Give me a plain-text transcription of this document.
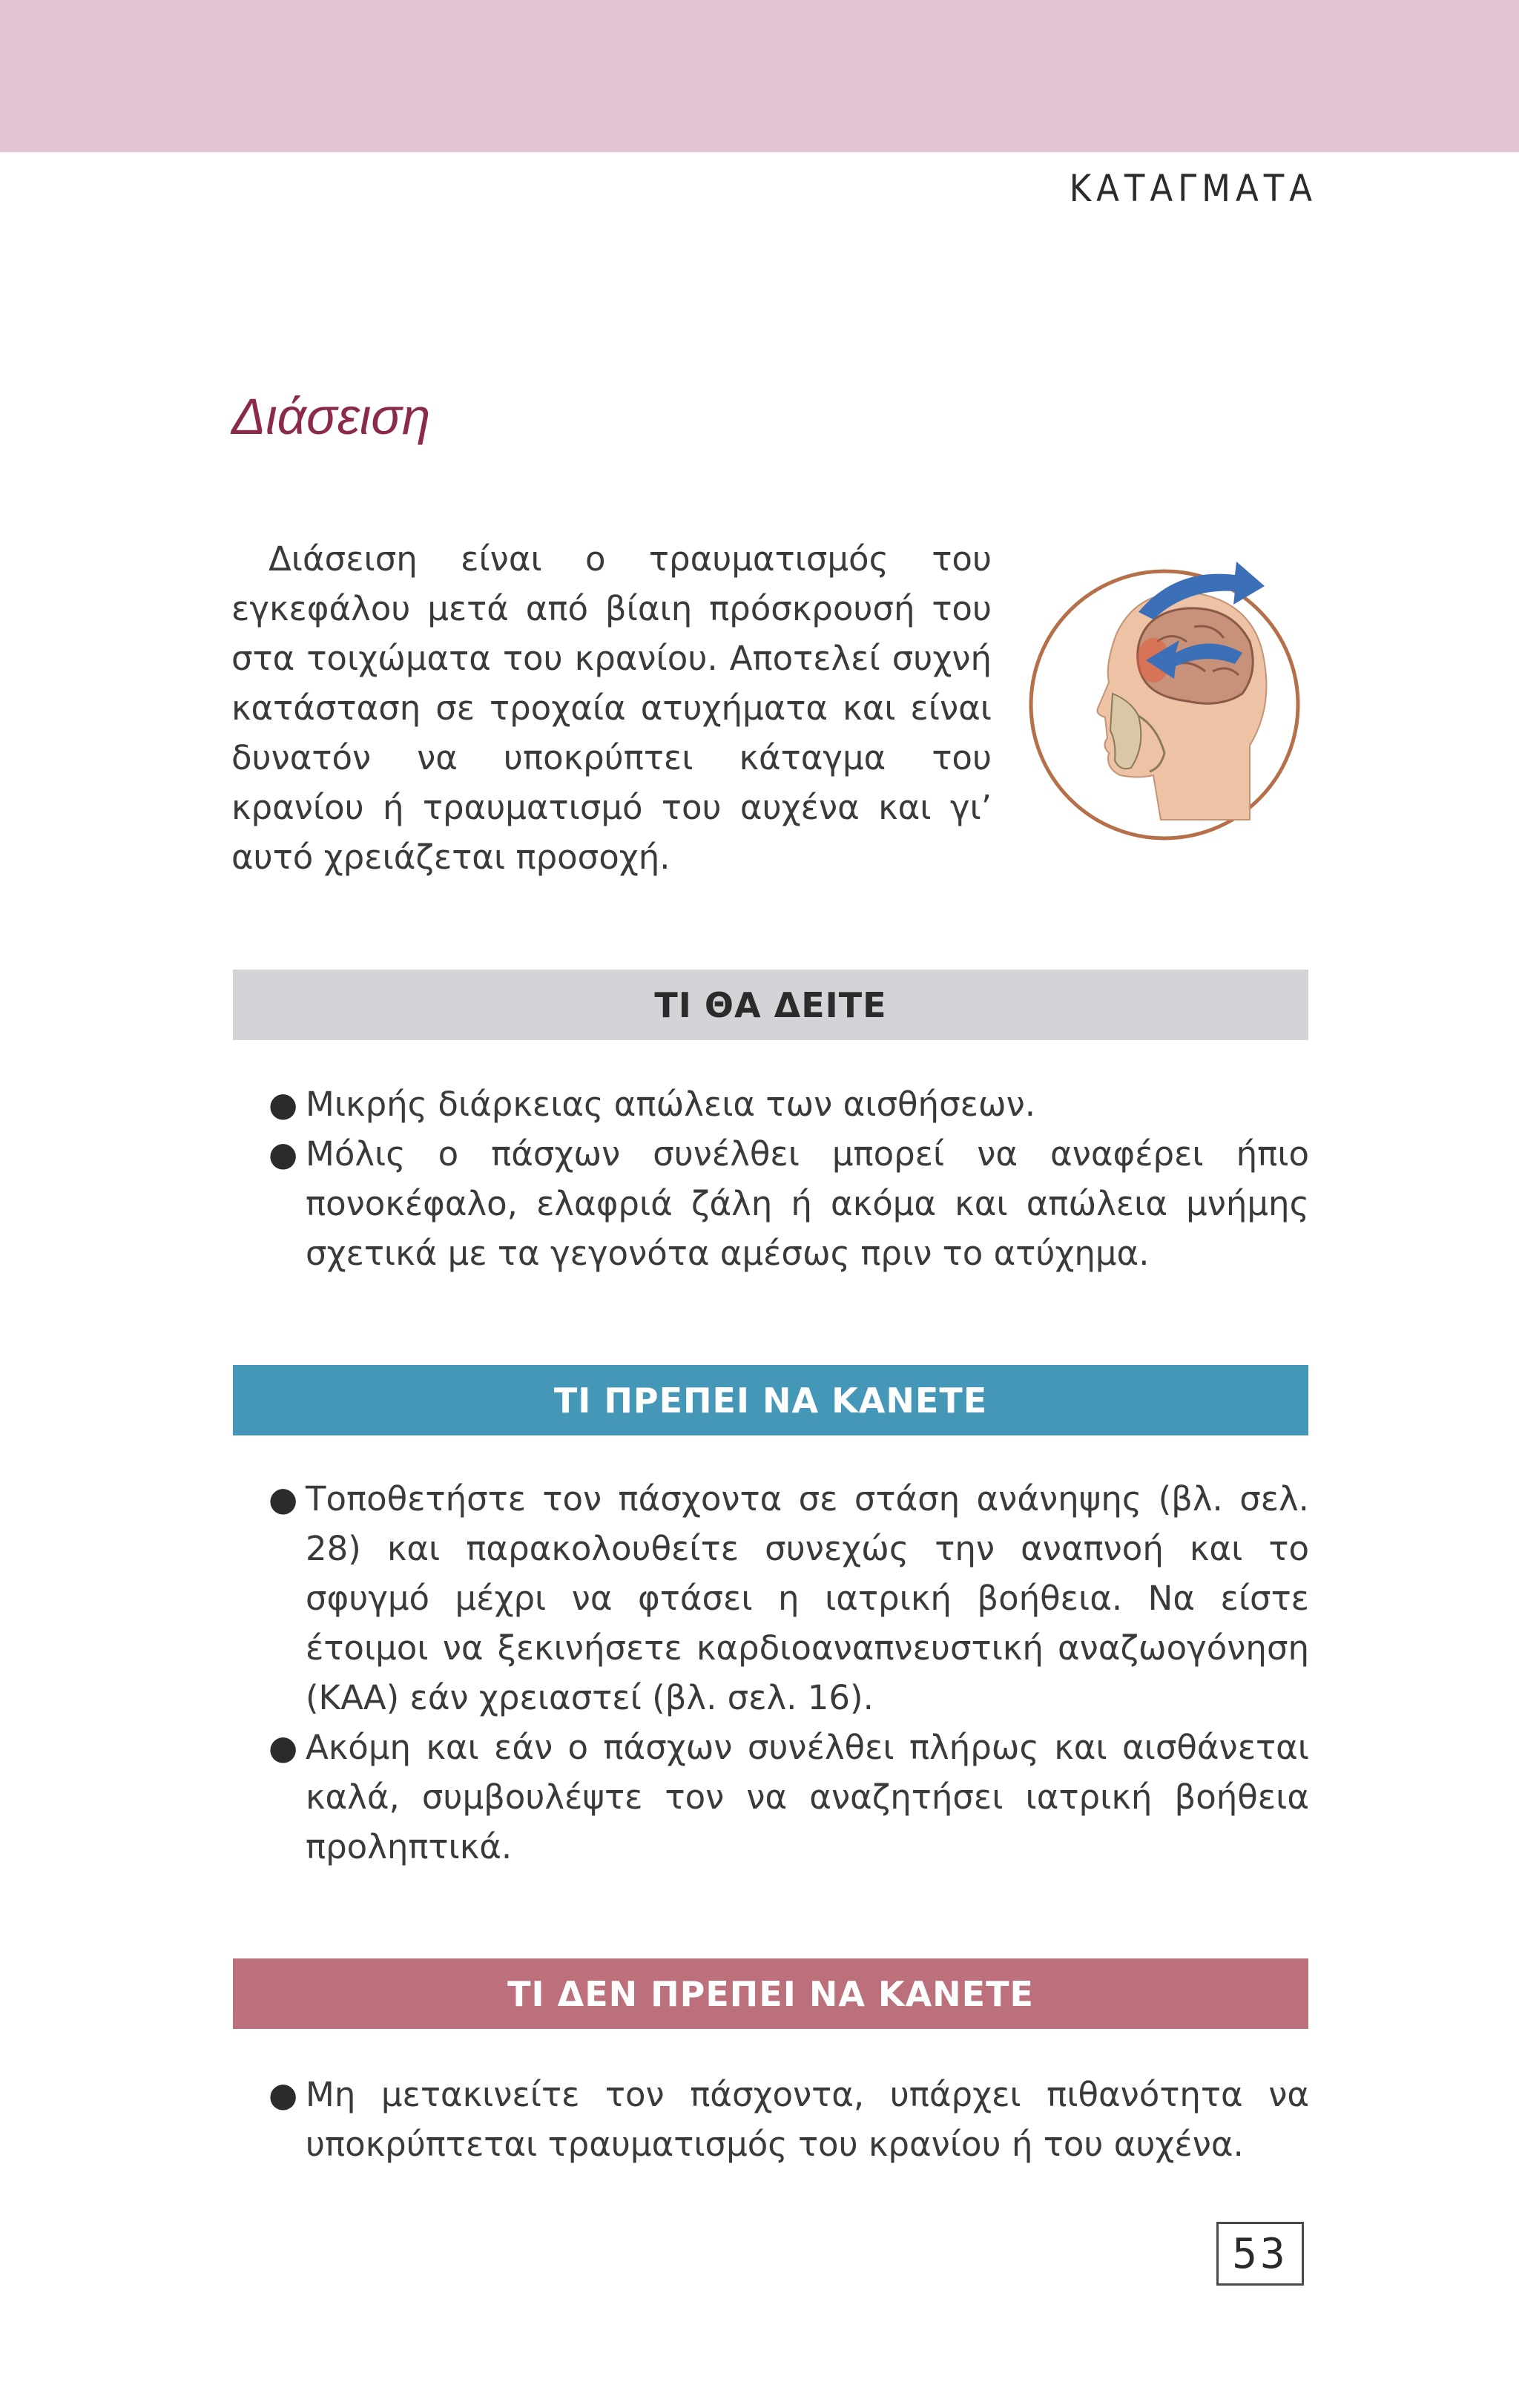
ΚΑΤΑΓΜΑΤΑ
Διάσειση

Διάσειση είναι ο τραυματισμός του εγκεφάλου μετά από βίαιη πρόσκρουσή του στα τοιχώματα του κρανίου. Αποτελεί συχνή κατάσταση σε τροχαία ατυχήματα και είναι δυνατόν να υποκρύπτει κάταγμα του κρανίου ή τραυματισμό του αυχένα και γι’ αυτό χρειάζεται προσοχή.

ΤΙ ΘΑ ΔΕΙΤΕ
● Μικρής διάρκειας απώλεια των αισθήσεων.
● Μόλις ο πάσχων συνέλθει μπορεί να αναφέρει ήπιο πονοκέφαλο, ελαφριά ζάλη ή ακόμα και απώλεια μνήμης σχετικά με τα γεγονότα αμέσως πριν το ατύχημα.
ΤΙ ΠΡΕΠΕΙ ΝΑ ΚΑΝΕΤΕ
● Τοποθετήστε τον πάσχοντα σε στάση ανάνηψης (βλ. σελ. 28) και παρακολουθείτε συνεχώς την αναπνοή και το σφυγμό μέχρι να φτάσει η ιατρική βοήθεια. Να είστε έτοιμοι να ξεκινήσετε καρδιοαναπνευστική αναζωογόνηση (ΚΑΑ) εάν χρειαστεί (βλ. σελ. 16).
● Ακόμη και εάν ο πάσχων συνέλθει πλήρως και αισθάνεται καλά, συμβουλέψτε τον να αναζητήσει ιατρική βοήθεια προληπτικά.
ΤΙ ΔΕΝ ΠΡΕΠΕΙ ΝΑ ΚΑΝΕΤΕ
● Μη μετακινείτε τον πάσχοντα, υπάρχει πιθανότητα να υποκρύπτεται τραυματισμός του κρανίου ή του αυχένα.
53
